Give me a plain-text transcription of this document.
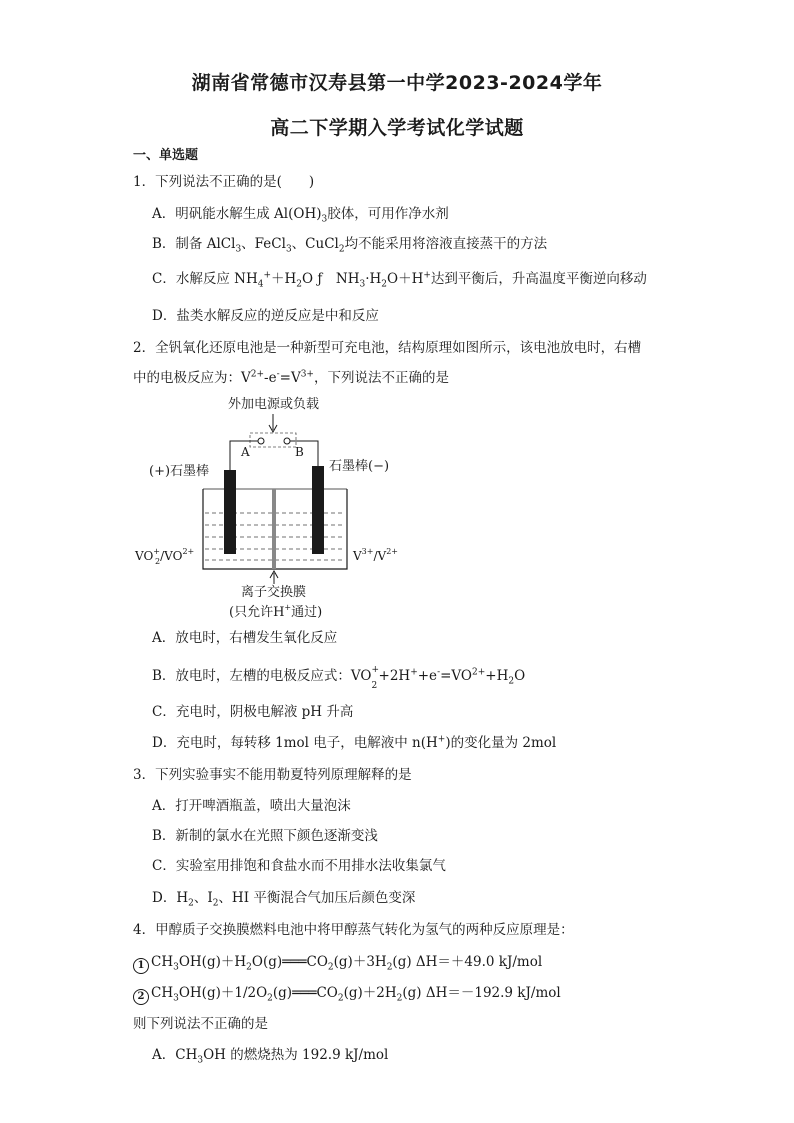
湖南省常德市汉寿县第一中学2023-2024学年
高二下学期入学考试化学试题
一、单选题
1．下列说法不正确的是(　　)
A．明矾能水解生成 $Al(OH)_3$胶体，可用作净水剂
B．制备 AlCl$_3$、FeCl$_3$、CuCl$_2$均不能采用将溶液直接蒸干的方法
C．水解反应 $NH_4^++H_2O$ ƒ　$NH_3\cdot H_2O+H^+$达到平衡后，升高温度平衡逆向移动
D．盐类水解反应的逆反应是中和反应
2．全钒氧化还原电池是一种新型可充电池，结构原理如图所示，该电池放电时，右槽
中的电极反应为：$V^{2+}-e^-=V^{3+}$，下列说法不正确的是
外加电源或负载
A	B
(+)石墨棒	石墨棒(−)
VO+ $2/VO^{2+}$	$V^{3+}/V^{2+}$
离子交换膜
(只允许H+通过)
A．放电时，右槽发生氧化反应
B．放电时，左槽的电极反应式：VO +
2
$+2H^++e^-=VO^{2+}+H_2O$
C．充电时，阴极电解液 pH 升高
D．充电时，每转移 1mol 电子，电解液中 n(H+)的变化量为 2mol
3．下列实验事实不能用勒夏特列原理解释的是
A．打开啤酒瓶盖，喷出大量泡沫
B．新制的氯水在光照下颜色逐渐变浅
C．实验室用排饱和食盐水而不用排水法收集氯气
D．$H_2$、$I_2$、HI 平衡混合气加压后颜色变深
4．甲醇质子交换膜燃料电池中将甲醇蒸气转化为氢气的两种反应原理是：
1 $CH_3OH(g)+H_2O(g)═══CO_2(g)+3H_2(g)$ ΔH＝＋49.0 kJ/mol
2 $CH_3OH(g)+1/2O_2(g)═══CO_2(g)+2H_2(g)$ ΔH＝－192.9 kJ/mol
则下列说法不正确的是
A．$CH_3OH$ 的燃烧热为 192.9 kJ/mol
